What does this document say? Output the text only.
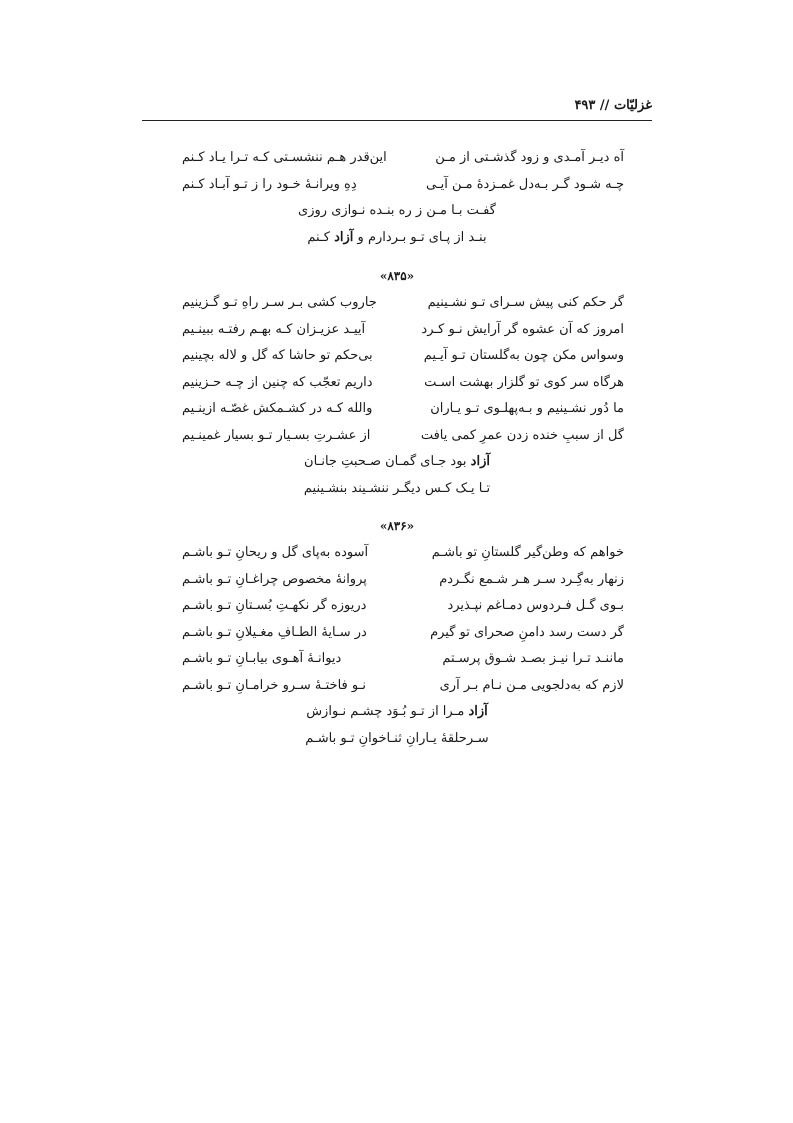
غزلیّات // ۴۹۳
آه دیـر آمـدی و زود گذشـتی از مـن
این‌قدر هـم ننشسـتی کـه تـرا یـاد کـنم
چـه شـود گـر بـه‌دل غمـزدهٔ مـن آیـی
دِهِ ویرانـهٔ خـود را ز تـو آبـاد کـنم
گفـت بـا مـن ز ره بنـده نـوازی روزی
بنـد از پـای تـو بـردارم و آزاد کـنم
«۸۳۵»
گر حکم کنی پیش سـرای تـو نشـینیم
جاروب کشی بـر سـر راهِ تـو گـزینیم
امروز که آن عشوه گر آرایش نـو کـرد
آییـد عزیـزان کـه بهـم رفتـه ببینـیم
وسواس مکن چون به‌گلستان تـو آیـیم
بی‌حکم تو حاشا که گل و لاله بچینیم
هرگاه سر کوی تو گلزار بهشت اسـت
داریم تعجّب که چنین از چـه حـزینیم
ما دُور نشـینیم و بـه‌پهلـوی تـو یـاران
والله کـه در کشـمکش غصّـه ازینـیم
گل از سببِ خنده زدن عمرِ کمی یافت
از عشـرتِ بسـیار تـو بسیار غمینـیم
آزاد بود جـای گمـان صـحبتِ جانـان
تـا یـک کـس دیگـر ننشـیند بنشـینیم
«۸۳۶»
خواهم که وطن‌گیر گلستانِ تو باشـم
آسوده به‌پای گل و ریحانِ تـو باشـم
زنهار به‌گِـرد سـر هـر شـمع نگـردم
پروانهٔ مخصوص چراغـانِ تـو باشـم
بـوی گـل فـردوس دمـاغم نپـذیرد
دریوزه گر نکهـتِ بُسـتانِ تـو باشـم
گر دست رسد دامنِ صحرای تو گیرم
در سـایهٔ الطـافِ مغـیلانِ تـو باشـم
ماننـد تـرا نیـز بصـد شـوق پرسـتم
دیوانـهٔ آهـوی بیابـانِ تـو باشـم
لازم که به‌دلجویی مـن نـام بـر آری
نـو فاختـهٔ سـرو خرامـانِ تـو باشـم
آزاد مـرا از تـو بُـوَد چشـم نـوازش
سـرحلقهٔ یـارانِ ثنـاخوانِ تـو باشـم
